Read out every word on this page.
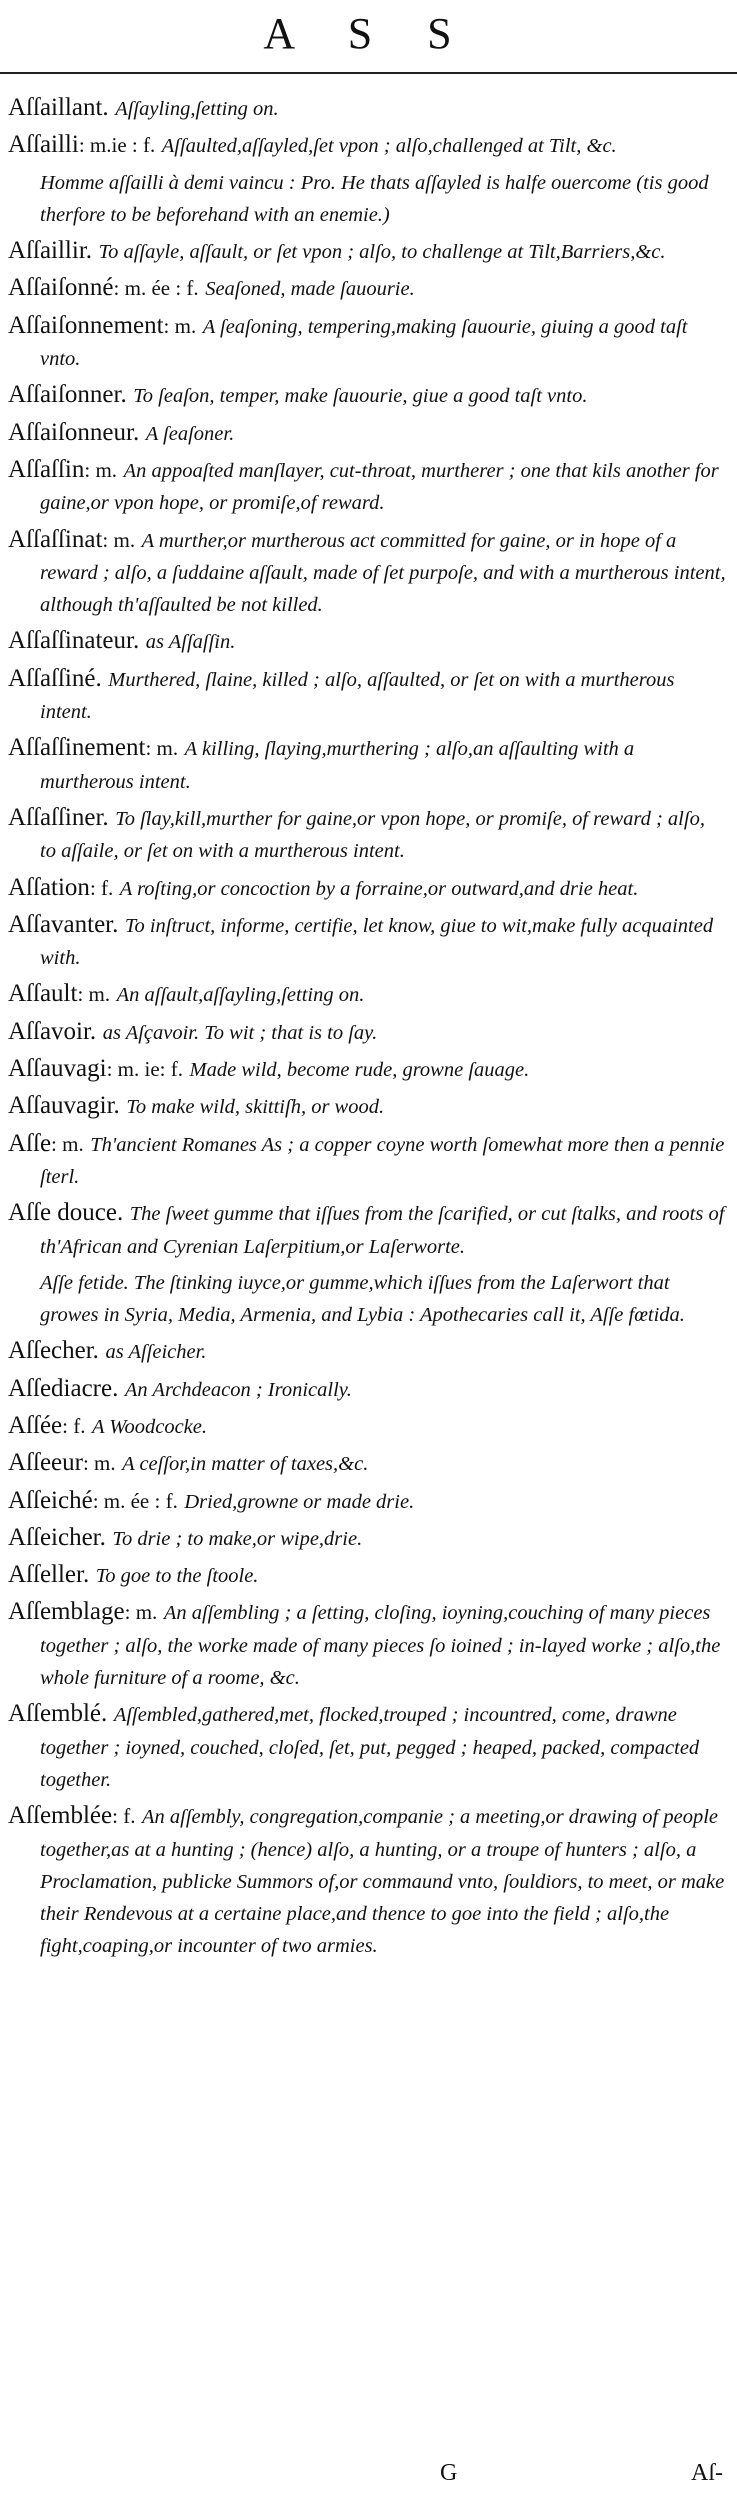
A S S
Aſſaillant. Aſſayling,ſetting on.
Aſſailli: m.ie : f. Aſſaulted,aſſayled,ſet vpon ; alſo,challenged at Tilt, &c.
Homme aſſailli à demi vaincu : Pro. He thats aſſayled is halfe ouercome (tis good therfore to be beforehand with an enemie.)
Aſſaillir. To aſſayle, aſſault, or ſet vpon ; alſo, to challenge at Tilt,Barriers,&c.
Aſſaiſonné: m. ée : f. Seaſoned, made ſauourie.
Aſſaiſonnement: m. A ſeaſoning, tempering,making ſauourie, giuing a good taſt vnto.
Aſſaiſonner. To ſeaſon, temper, make ſauourie, giue a good taſt vnto.
Aſſaiſonneur. A ſeaſoner.
Aſſaſſin: m. An appoaſted manſlayer, cut-throat, murtherer ; one that kils another for gaine,or vpon hope, or promiſe,of reward.
Aſſaſſinat: m. A murther,or murtherous act committed for gaine, or in hope of a reward ; alſo, a ſuddaine aſſault, made of ſet purpoſe, and with a murtherous intent, although th'aſſaulted be not killed.
Aſſaſſinateur. as Aſſaſſin.
Aſſaſſiné. Murthered, ſlaine, killed ; alſo, aſſaulted, or ſet on with a murtherous intent.
Aſſaſſinement: m. A killing, ſlaying,murthering ; alſo,an aſſaulting with a murtherous intent.
Aſſaſſiner. To ſlay,kill,murther for gaine,or vpon hope, or promiſe, of reward ; alſo, to aſſaile, or ſet on with a murtherous intent.
Aſſation: f. A roſting,or concoction by a forraine,or outward,and drie heat.
Aſſavanter. To inſtruct, informe, certifie, let know, giue to wit,make fully acquainted with.
Aſſault: m. An aſſault,aſſayling,ſetting on.
Aſſavoir. as Aſçavoir. To wit ; that is to ſay.
Aſſauvagi: m. ie: f. Made wild, become rude, growne ſauage.
Aſſauvagir. To make wild, skittiſh, or wood.
Aſſe: m. Th'ancient Romanes As ; a copper coyne worth ſomewhat more then a pennie ſterl.
Aſſe douce. The ſweet gumme that iſſues from the ſcarified, or cut ſtalks, and roots of th'African and Cyrenian Laſerpitium,or Laſerworte.
Aſſe fetide. The ſtinking iuyce,or gumme,which iſſues from the Laſerwort that growes in Syria, Media, Armenia, and Lybia : Apothecaries call it, Aſſe fœtida.
Aſſecher. as Aſſeicher.
Aſſediacre. An Archdeacon ; Ironically.
Aſſée: f. A Woodcocke.
Aſſeeur: m. A ceſſor,in matter of taxes,&c.
Aſſeiché: m. ée : f. Dried,growne or made drie.
Aſſeicher. To drie ; to make,or wipe,drie.
Aſſeller. To goe to the ſtoole.
Aſſemblage: m. An aſſembling ; a ſetting, cloſing, ioyning,couching of many pieces together ; alſo, the worke made of many pieces ſo ioined ; in-layed worke ; alſo,the whole furniture of a roome, &c.
Aſſemblé. Aſſembled,gathered,met, flocked,trouped ; incountred, come, drawne together ; ioyned, couched, cloſed, ſet, put, pegged ; heaped, packed, compacted together.
Aſſemblée: f. An aſſembly, congregation,companie ; a meeting,or drawing of people together,as at a hunting ; (hence) alſo, a hunting, or a troupe of hunters ; alſo, a Proclamation, publicke Summors of,or commaund vnto, ſouldiors, to meet, or make their Rendevous at a certaine place,and thence to goe into the field ; alſo,the fight,coaping,or incounter of two armies.
G	Aſ-
